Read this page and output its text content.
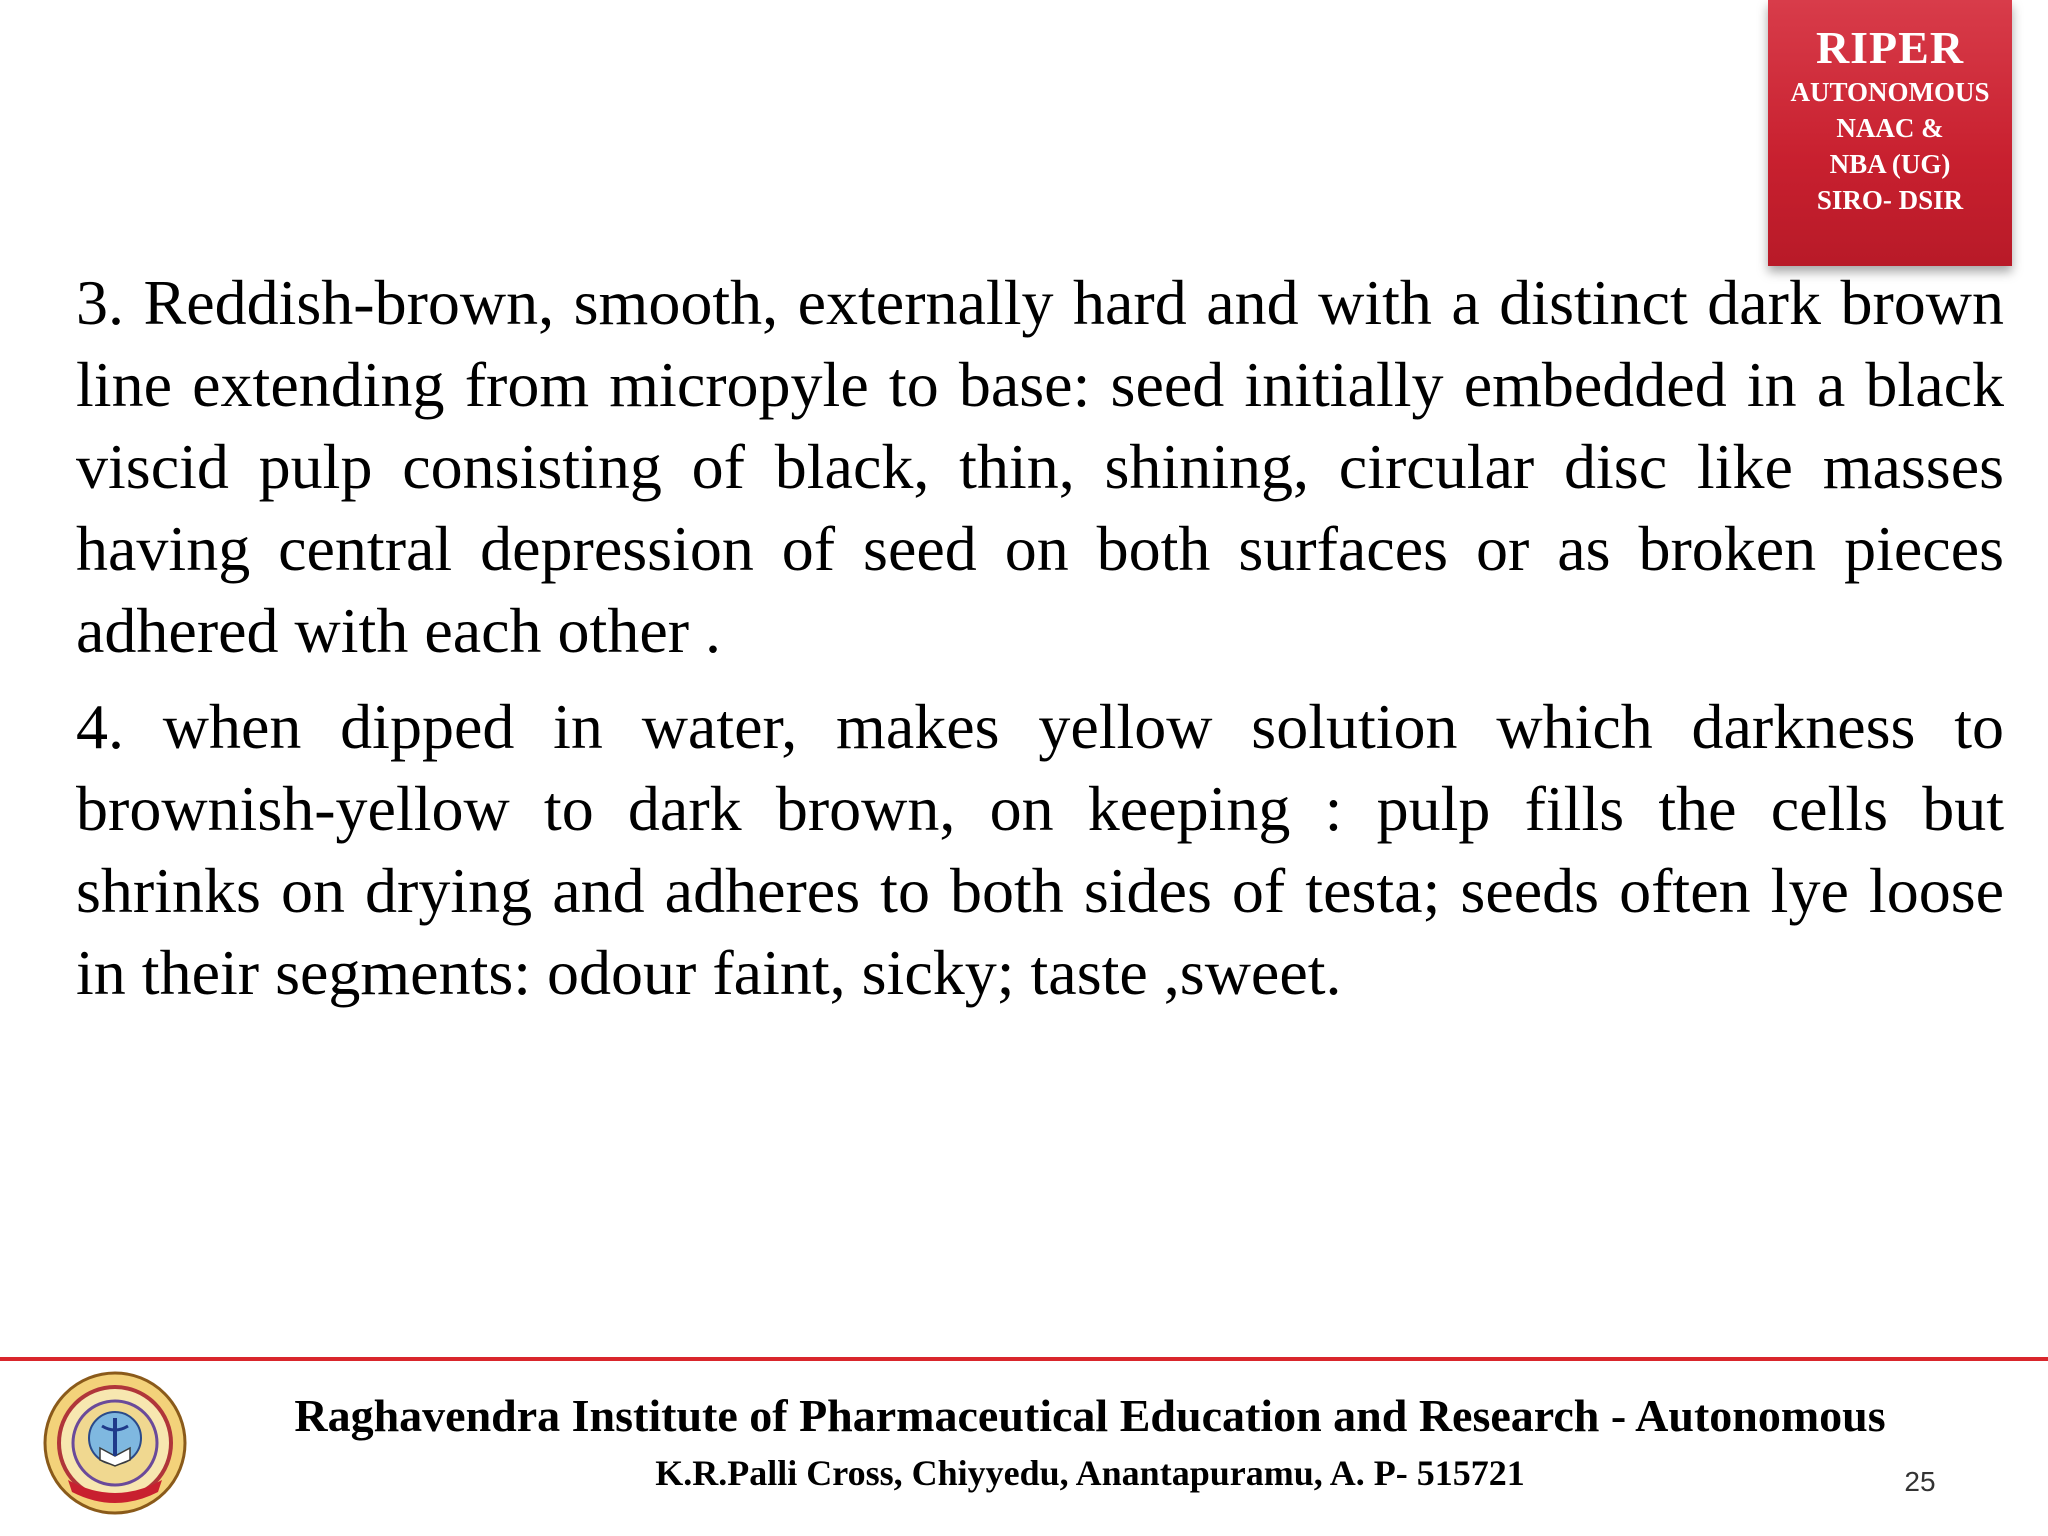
RIPER
AUTONOMOUS
NAAC &
NBA (UG)
SIRO- DSIR

3. Reddish-brown, smooth, externally hard and with a distinct dark brown line extending from micropyle to base: seed initially embedded in a black viscid pulp consisting of black, thin, shining, circular disc like masses having central depression of seed on both surfaces or as broken pieces adhered with each other .

4. when dipped in water, makes yellow solution which darkness to brownish-yellow to dark brown, on keeping : pulp fills the cells but shrinks on drying and adheres to both sides of testa; seeds often lye loose in their segments: odour faint, sicky; taste ,sweet.

Raghavendra Institute of Pharmaceutical Education and Research - Autonomous
K.R.Palli Cross, Chiyyedu, Anantapuramu, A. P- 515721	25
